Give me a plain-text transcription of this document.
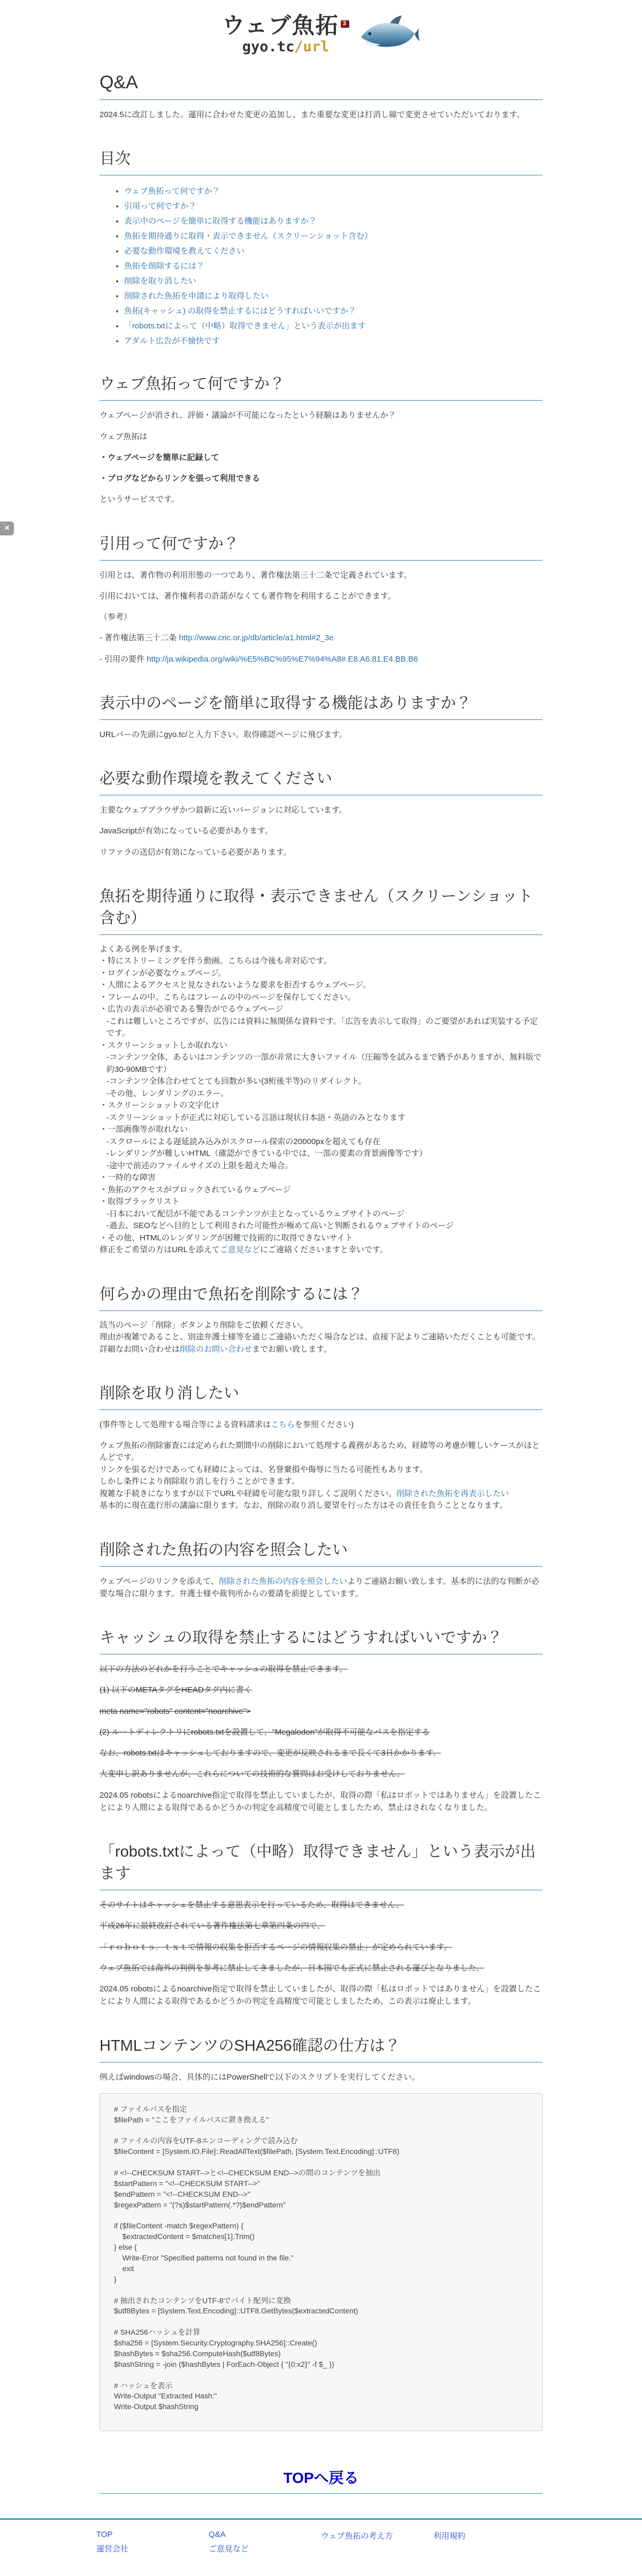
×
ウェブ魚拓 3
gyo.tc/url
Q&A

2024.5に改訂しました。運用に合わせた変更の追加し、また重要な変更は打消し線で変更させていただいております。

目次
• ウェブ魚拓って何ですか？
• 引用って何ですか？
• 表示中のページを簡単に取得する機能はありますか？
• 魚拓を期待通りに取得・表示できません（スクリーンショット含む）
• 必要な動作環境を教えてください
• 魚拓を削除するには？
• 削除を取り消したい
• 削除された魚拓を申請により取得したい
• 魚拓(キャッシュ) の取得を禁止するにはどうすればいいですか？
• 「robots.txtによって（中略）取得できません」という表示が出ます
• アダルト広告が不愉快です
ウェブ魚拓って何ですか？

ウェブページが消され、評価・議論が不可能になったという経験はありませんか？

ウェブ魚拓は

・ウェブページを簡単に記録して

・ブログなどからリンクを張って利用できる

というサービスです。

引用って何ですか？

引用とは、著作物の利用形態の一つであり、著作権法第三十二条で定義されています。

引用においては、著作権利者の許諾がなくても著作物を利用することができます。

（参考）

- 著作権法第三十二条 http://www.cric.or.jp/db/article/a1.html#2_3e

- 引用の要件 http://ja.wikipedia.org/wiki/%E5%BC%95%E7%94%A8#.E8.A6.81.E4.BB.B6

表示中のページを簡単に取得する機能はありますか？

URLバーの先頭にgyo.tc/と入力下さい。取得確認ページに飛びます。

必要な動作環境を教えてください

主要なウェブブラウザかつ最新に近いバージョンに対応しています。

JavaScriptが有効になっている必要があります。

リファラの送信が有効になっている必要があります。

魚拓を期待通りに取得・表示できません（スクリーンショット含む）
よくある例を挙げます。
・特にストリーミングを伴う動画。こちらは今後も非対応です。
・ログインが必要なウェブページ。
・人間によるアクセスと見なされないような要求を拒否するウェブページ。
・フレームの中。こちらはフレームの中のページを保存してください。
・広告の表示が必須である警告がでるウェブページ
-これは難しいところですが、広告には資料に無関係な資料です。「広告を表示して取得」のご要望があれば実装する予定です。
・スクリーンショットしか取れない
-コンテンツ全体、あるいはコンテンツの一部が非常に大きいファイル（圧縮等を試みるまで猶予がありますが、無料版で約30-90MBです）
-コンテンツ全体合わせてとても回数が多い(3桁後半等)のリダイレクト。
-その他、レンダリングのエラー。
・スクリーンショットの文字化け
-スクリーンショットが正式に対応している言語は現状日本語・英語のみとなります
・一部画像等が取れない
-スクロールによる遅延読み込みがスクロール探索の20000pxを超えても存在
-レンダリングが難しいHTML（確認ができている中では、一部の要素の背景画像等です）
-途中で前述のファイルサイズの上限を超えた場合。
・一時的な障害
・魚拓のアクセスがブロックされているウェブページ
・取得ブラックリスト
-日本において配信が不能であるコンテンツが主となっているウェブサイトのページ
-過去、SEOなどへ目的として利用された可能性が極めて高いと判断されるウェブサイトのページ
・その他、HTMLのレンダリングが困難で技術的に取得できないサイト
修正をご希望の方はURLを添えてご意見などにご連絡くださいますと幸いです。
何らかの理由で魚拓を削除するには？
該当のページ「削除」ボタンより削除をご依頼ください。
理由が複雑であること、別途弁護士様等を通じご連絡いただく場合などは、直接下記よりご連絡いただくことも可能です。
詳細なお問い合わせは削除のお問い合わせまでお願い致します。
削除を取り消したい

(事件等として処理する場合等による資料請求はこちらを参照ください)

ウェブ魚拓の削除審査には定められた期間中の削除において処理する義務があるため、経緯等の考慮が難しいケースがほとんどです。
リンクを張るだけであっても経緯によっては、名誉棄損や侮辱に当たる可能性もあります。
しかし条件により削除取り消しを行うことができます。
複雑な手続きになりますが以下でURLや経緯を可能な限り詳しくご説明ください。削除された魚拓を再表示したい
基本的に現在進行形の議論に限ります。なお、削除の取り消し要望を行った方はその責任を負うこととなります。
削除された魚拓の内容を照会したい

ウェブページのリンクを添えて、削除された魚拓の内容を照会したいよりご連絡お願い致します。基本的に法的な判断が必要な場合に限ります。弁護士様や裁判所からの要請を前提としています。

キャッシュの取得を禁止するにはどうすればいいですか？

以下の方法のどれかを行うことでキャッシュの取得を禁止できます。

(1) 以下のMETAタグをHEADタグ内に書く

meta name="robots" content="noarchive">

(2) ルートディレクトリにrobots.txtを設置して、"Megalodon"が取得不可能なパスを指定する

なお、robots.txtはキャッシュしておりますので、変更が反映されるまで長くて3日かかります。

大変申し訳ありませんが、これらについての技術的な質問はお受けしておりません。

2024.05 robotsによるnoarchive指定で取得を禁止していましたが、取得の際「私はロボットではありません」を設置したことにより人間による取得であるかどうかの判定を高精度で可能としましたため、禁止はされなくなりました。

「robots.txtによって（中略）取得できません」という表示が出ます

そのサイトはキャッシュを禁止する意思表示を行っているため、取得はできません。

平成26年に最終改訂されている著作権法第七章第四条の四で、

「ｒｏｂｏｔｓ．ｔｘｔで情報の収集を拒否するページの情報収集の禁止」が定められています。

ウェブ魚拓では海外の判例を参考に禁止してきましたが、日本国でも正式に禁止される運びとなりました。

2024.05 robotsによるnoarchive指定で取得を禁止していましたが、取得の際「私はロボットではありません」を設置したことにより人間による取得であるかどうかの判定を高精度で可能としましたため、この表示は廃止します。

HTMLコンテンツのSHA256確認の仕方は？

例えばwindowsの場合、具体的にはPowerShellで以下のスクリプトを実行してください。

# ファイルパスを指定
$filePath = "ここをファイルパスに置き換える"

# ファイルの内容をUTF-8エンコーディングで読み込む
$fileContent = [System.IO.File]::ReadAllText($filePath, [System.Text.Encoding]::UTF8)

# <!--CHECKSUM START-->と<!--CHECKSUM END-->の間のコンテンツを抽出
$startPattern = "<!--CHECKSUM START-->"
$endPattern = "<!--CHECKSUM END-->"
$regexPattern = "(?s)$startPattern(.*?)$endPattern"

if ($fileContent -match $regexPattern) {
$extractedContent = $matches[1].Trim()
} else {
Write-Error "Specified patterns not found in the file."
exit
}

# 抽出されたコンテンツをUTF-8でバイト配列に変換
$utf8Bytes = [System.Text.Encoding]::UTF8.GetBytes($extractedContent)

# SHA256ハッシュを計算
$sha256 = [System.Security.Cryptography.SHA256]::Create()
$hashBytes = $sha256.ComputeHash($utf8Bytes)
$hashString = -join ($hashBytes | ForEach-Object { "{0:x2}" -f $_ })

# ハッシュを表示
Write-Output "Extracted Hash:"
Write-Output $hashString
TOPへ戻る
TOP
運営会社
Q&A
ご意見など
ウェブ魚拓の考え方	利用規約
